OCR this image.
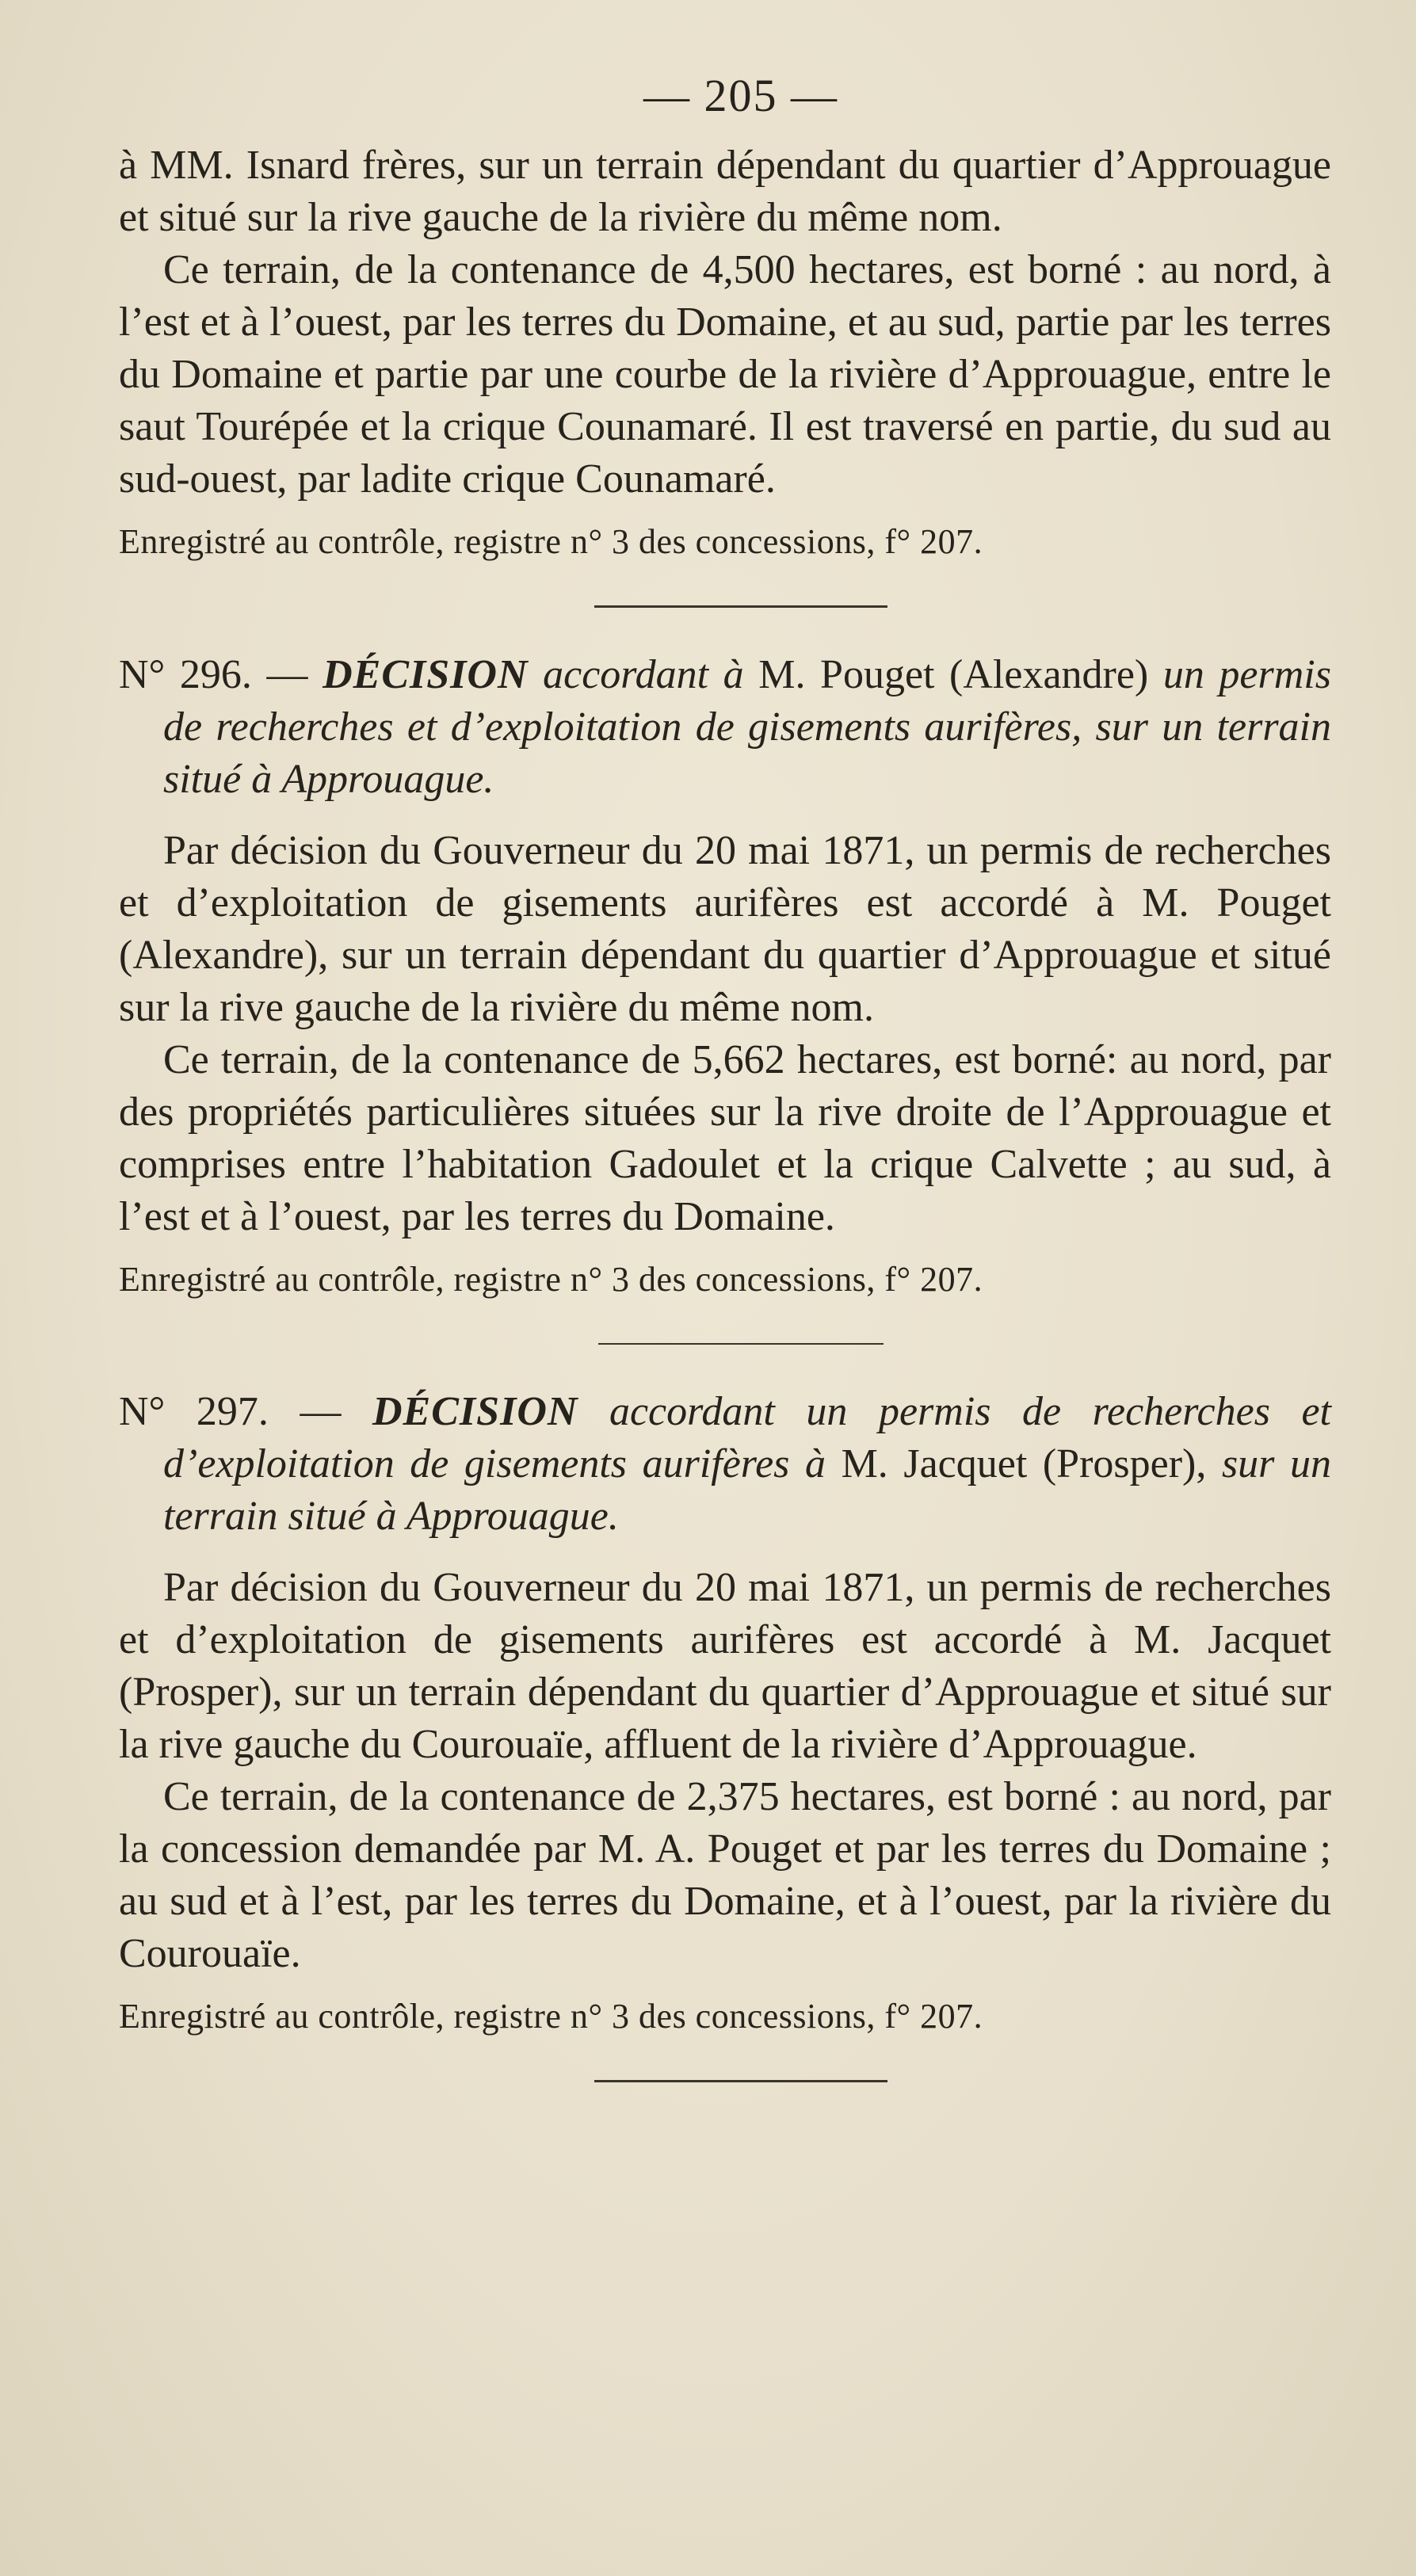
— 205 —

à MM. Isnard frères, sur un terrain dépendant du quartier d’Approuague et situé sur la rive gauche de la rivière du même nom.

Ce terrain, de la contenance de 4,500 hectares, est borné : au nord, à l’est et à l’ouest, par les terres du Domaine, et au sud, partie par les terres du Domaine et partie par une courbe de la rivière d’Approuague, entre le saut Tourépée et la crique Counamaré. Il est traversé en partie, du sud au sud-ouest, par ladite crique Counamaré.

Enregistré au contrôle, registre n° 3 des concessions, f° 207.

N° 296. — DÉCISION accordant à M. Pouget (Alexandre) un permis de recherches et d’exploitation de gisements aurifères, sur un terrain situé à Approuague.

Par décision du Gouverneur du 20 mai 1871, un permis de recherches et d’exploitation de gisements aurifères est accordé à M. Pouget (Alexandre), sur un terrain dépendant du quartier d’Approuague et situé sur la rive gauche de la rivière du même nom.

Ce terrain, de la contenance de 5,662 hectares, est borné: au nord, par des propriétés particulières situées sur la rive droite de l’Approuague et comprises entre l’habitation Gadoulet et la crique Calvette ; au sud, à l’est et à l’ouest, par les terres du Domaine.

Enregistré au contrôle, registre n° 3 des concessions, f° 207.

N° 297. — DÉCISION accordant un permis de recherches et d’exploitation de gisements aurifères à M. Jacquet (Prosper), sur un terrain situé à Approuague.

Par décision du Gouverneur du 20 mai 1871, un permis de recherches et d’exploitation de gisements aurifères est accordé à M. Jacquet (Prosper), sur un terrain dépendant du quartier d’Approuague et situé sur la rive gauche du Courouaïe, affluent de la rivière d’Approuague.

Ce terrain, de la contenance de 2,375 hectares, est borné : au nord, par la concession demandée par M. A. Pouget et par les terres du Domaine ; au sud et à l’est, par les terres du Domaine, et à l’ouest, par la rivière du Courouaïe.

Enregistré au contrôle, registre n° 3 des concessions, f° 207.
